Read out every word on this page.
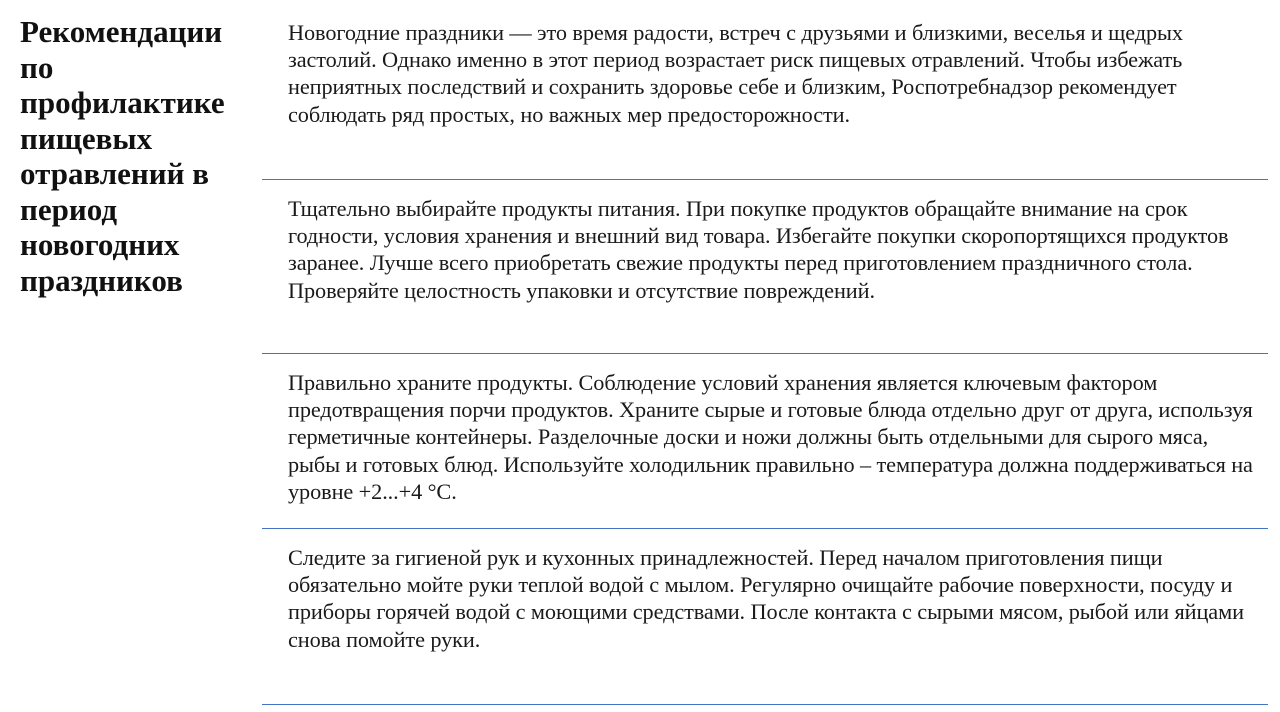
Рекомендации по профилактике пищевых отравлений в период новогодних праздников

Новогодние праздники — это время радости, встреч с друзьями и близкими, веселья и щедрых застолий. Однако именно в этот период возрастает риск пищевых отравлений. Чтобы избежать неприятных последствий и сохранить здоровье себе и близким, Роспотребнадзор рекомендует соблюдать ряд простых, но важных мер предосторожности.

Тщательно выбирайте продукты питания. При покупке продуктов обращайте внимание на срок годности, условия хранения и внешний вид товара. Избегайте покупки скоропортящихся продуктов заранее. Лучше всего приобретать свежие продукты перед приготовлением праздничного стола. Проверяйте целостность упаковки и отсутствие повреждений.

Правильно храните продукты. Соблюдение условий хранения является ключевым фактором предотвращения порчи продуктов. Храните сырые и готовые блюда отдельно друг от друга, используя герметичные контейнеры. Разделочные доски и ножи должны быть отдельными для сырого мяса, рыбы и готовых блюд. Используйте холодильник правильно – температура должна поддерживаться на уровне +2...+4 °C.

Следите за гигиеной рук и кухонных принадлежностей. Перед началом приготовления пищи обязательно мойте руки теплой водой с мылом. Регулярно очищайте рабочие поверхности, посуду и приборы горячей водой с моющими средствами. После контакта с сырыми мясом, рыбой или яйцами снова помойте руки.
